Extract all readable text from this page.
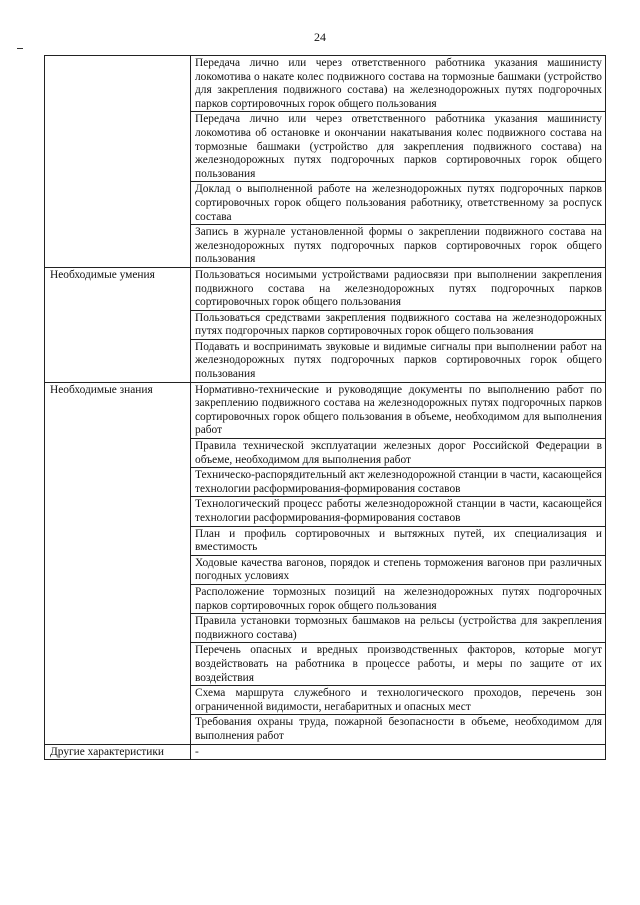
24
	Передача лично или через ответственного работника указания машинисту локомотива о накате колес подвижного состава на тормозные башмаки (устройство для закрепления подвижного состава) на железнодорожных путях подгорочных парков сортировочных горок общего пользования
	Передача лично или через ответственного работника указания машинисту локомотива об остановке и окончании накатывания колес подвижного состава на тормозные башмаки (устройство для закрепления подвижного состава) на железнодорожных путях подгорочных парков сортировочных горок общего пользования
	Доклад о выполненной работе на железнодорожных путях подгорочных парков сортировочных горок общего пользования работнику, ответственному за роспуск состава
	Запись в журнале установленной формы о закреплении подвижного состава на железнодорожных путях подгорочных парков сортировочных горок общего пользования
Необходимые умения	Пользоваться носимыми устройствами радиосвязи при выполнении закрепления подвижного состава на железнодорожных путях подгорочных парков сортировочных горок общего пользования
	Пользоваться средствами закрепления подвижного состава на железнодорожных путях подгорочных парков сортировочных горок общего пользования
	Подавать и воспринимать звуковые и видимые сигналы при выполнении работ на железнодорожных путях подгорочных парков сортировочных горок общего пользования
Необходимые знания	Нормативно-технические и руководящие документы по выполнению работ по закреплению подвижного состава на железнодорожных путях подгорочных парков сортировочных горок общего пользования в объеме, необходимом для выполнения работ
	Правила технической эксплуатации железных дорог Российской Федерации в объеме, необходимом для выполнения работ
	Техническо-распорядительный акт железнодорожной станции в части, касающейся технологии расформирования-формирования составов
	Технологический процесс работы железнодорожной станции в части, касающейся технологии расформирования-формирования составов
	План и профиль сортировочных и вытяжных путей, их специализация и вместимость
	Ходовые качества вагонов, порядок и степень торможения вагонов при различных погодных условиях
	Расположение тормозных позиций на железнодорожных путях подгорочных парков сортировочных горок общего пользования
	Правила установки тормозных башмаков на рельсы (устройства для закрепления подвижного состава)
	Перечень опасных и вредных производственных факторов, которые могут воздействовать на работника в процессе работы, и меры по защите от их воздействия
	Схема маршрута служебного и технологического проходов, перечень зон ограниченной видимости, негабаритных и опасных мест
	Требования охраны труда, пожарной безопасности в объеме, необходимом для выполнения работ
Другие характеристики	-
